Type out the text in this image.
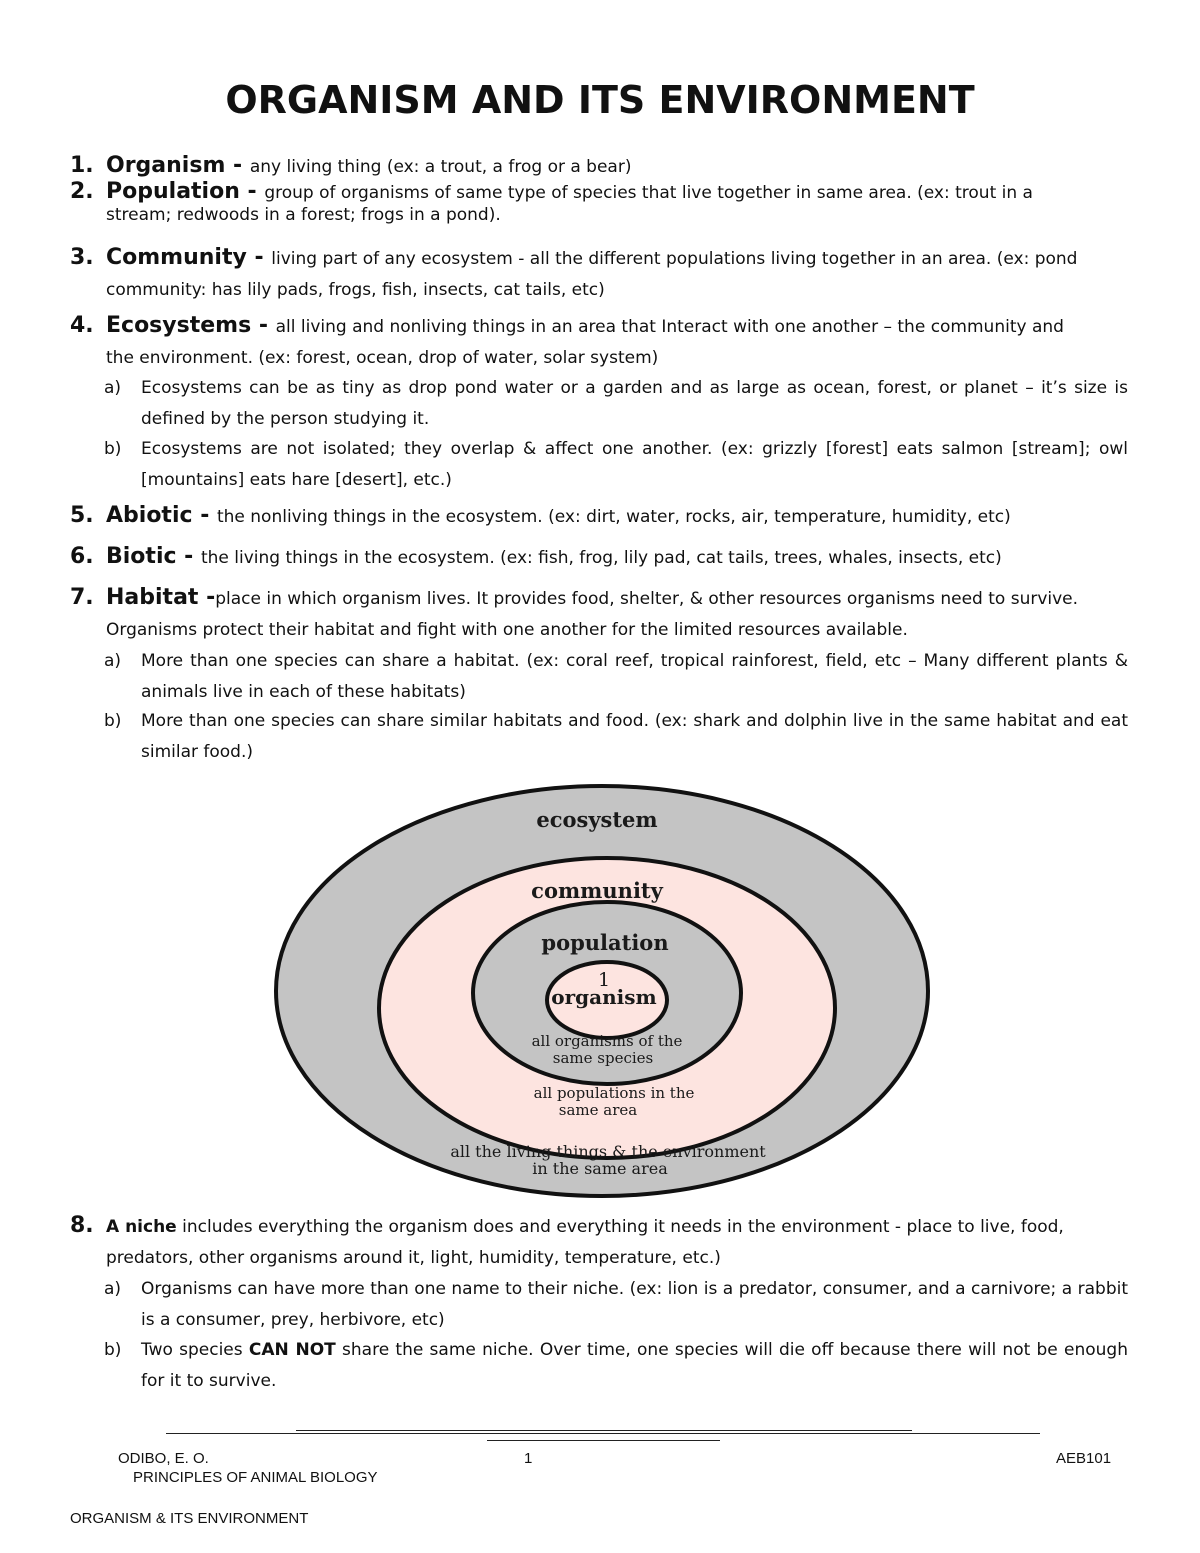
ORGANISM AND ITS ENVIRONMENT
1. Organism - any living thing (ex: a trout, a frog or a bear)
2. Population - group of organisms of same type of species that live together in same area. (ex: trout in a
stream; redwoods in a forest; frogs in a pond).
3. Community - living part of any ecosystem - all the different populations living together in an area. (ex: pond
community: has lily pads, frogs, fish, insects, cat tails, etc)
4. Ecosystems - all living and nonliving things in an area that Interact with one another – the community and
the environment. (ex: forest, ocean, drop of water, solar system)
a)	Ecosystems can be as tiny as drop pond water or a garden and as large as ocean, forest, or planet – it’s size is defined by the person studying it.
b)	Ecosystems are not isolated; they overlap & affect one another. (ex: grizzly [forest] eats salmon [stream]; owl [mountains] eats hare [desert], etc.)
5. Abiotic - the nonliving things in the ecosystem. (ex: dirt, water, rocks, air, temperature, humidity, etc)
6. Biotic - the living things in the ecosystem. (ex: fish, frog, lily pad, cat tails, trees, whales, insects, etc)
7. Habitat -place in which organism lives. It provides food, shelter, & other resources organisms need to survive.
Organisms protect their habitat and fight with one another for the limited resources available.
a)	More than one species can share a habitat. (ex: coral reef, tropical rainforest, field, etc – Many different plants & animals live in each of these habitats)
b)	More than one species can share similar habitats and food. (ex: shark and dolphin live in the same habitat and eat similar food.)
ecosystem
community
population
1
organism
all organisms of the
same species
all populations in the
same area
all the living things & the environment
in the same area
8. A niche includes everything the organism does and everything it needs in the environment - place to live, food,
predators, other organisms around it, light, humidity, temperature, etc.)
a)	Organisms can have more than one name to their niche. (ex: lion is a predator, consumer, and a carnivore; a rabbit is a consumer, prey, herbivore, etc)
b)	Two species CAN NOT share the same niche. Over time, one species will die off because there will not be enough for it to survive.
ODIBO, E. O.	1	AEB101
PRINCIPLES OF ANIMAL BIOLOGY
ORGANISM & ITS ENVIRONMENT
